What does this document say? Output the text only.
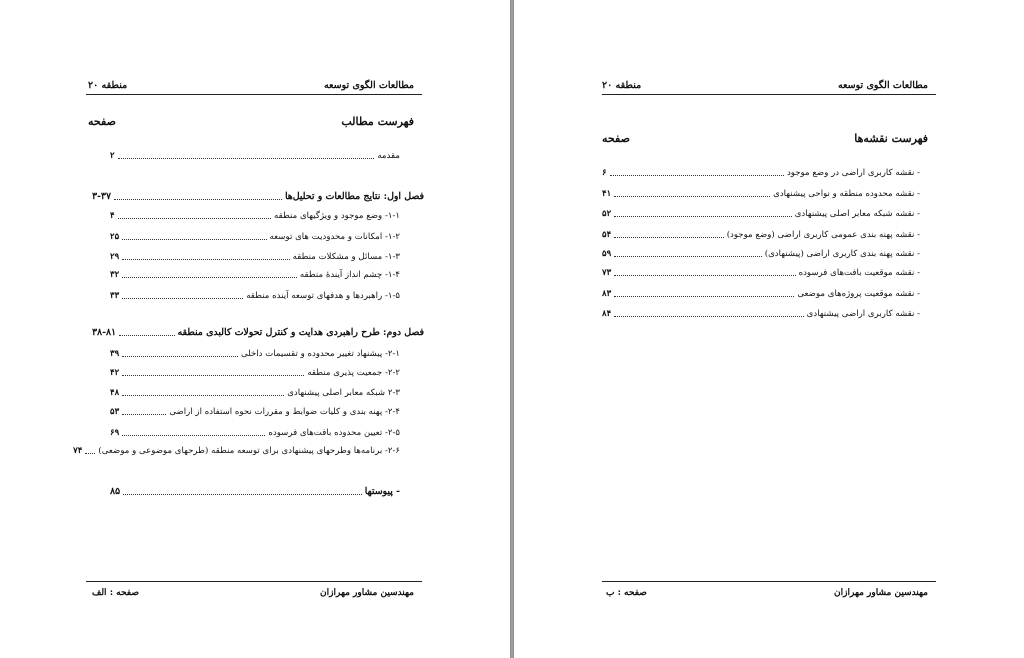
مطالعات الگوی توسعه
منطقه ۲۰
فهرست مطالب
صفحه
مقدمه
۲
فصل اول: نتایج مطالعات و تحلیل‌ها
۳-۳۷
۱-۱- وضع موجود و ویژگیهای منطقه
۴
۱-۲- امکانات و محدودیت های توسعه
۲۵
۱-۳- مسائل و مشکلات منطقه
۲۹
۱-۴- چشم انداز آیندۀ منطقه
۳۲
۱-۵- راهبردها و هدفهای توسعه آینده منطقه
۳۳
فصل دوم: طرح راهبردی هدایت و کنترل تحولات کالبدی منطقه
۳۸-۸۱
۲-۱- پیشنهاد تغییر محدوده و تقسیمات داخلی
۳۹
۲-۲- جمعیت پذیری منطقه
۴۲
۲-۳ شبکه معابر اصلی پیشنهادی
۴۸
۲-۴- پهنه بندی و کلیات ضوابط و مقررات نحوه استفاده از اراضی
۵۳
۲-۵- تعیین محدوده بافت‌های فرسوده
۶۹
۲-۶- برنامه‌ها وطرحهای پیشنهادی برای توسعه منطقه (طرحهای موضوعی و موضعی)
۷۴
- پیوستها
۸۵
مهندسین مشاور مهرازان
صفحه : الف
مطالعات الگوی توسعه
منطقه ۲۰
فهرست نقشه‌ها
صفحه
- نقشه کاربری اراضی در وضع موجود
۶
- نقشه محدوده منطقه و نواحی پیشنهادی
۴۱
- نقشه شبکه معابر اصلی پیشنهادی
۵۲
- نقشه پهنه بندی عمومی کاربری اراضی (وضع موجود)
۵۴
- نقشه پهنه بندی کاربری اراضی (پیشنهادی)
۵۹
- نقشه موقعیت بافت‌های فرسوده
۷۳
- نقشه موقعیت پروژه‌های موضعی
۸۳
- نقشه کاربری اراضی پیشنهادی
۸۴
مهندسین مشاور مهرازان
صفحه : ب
